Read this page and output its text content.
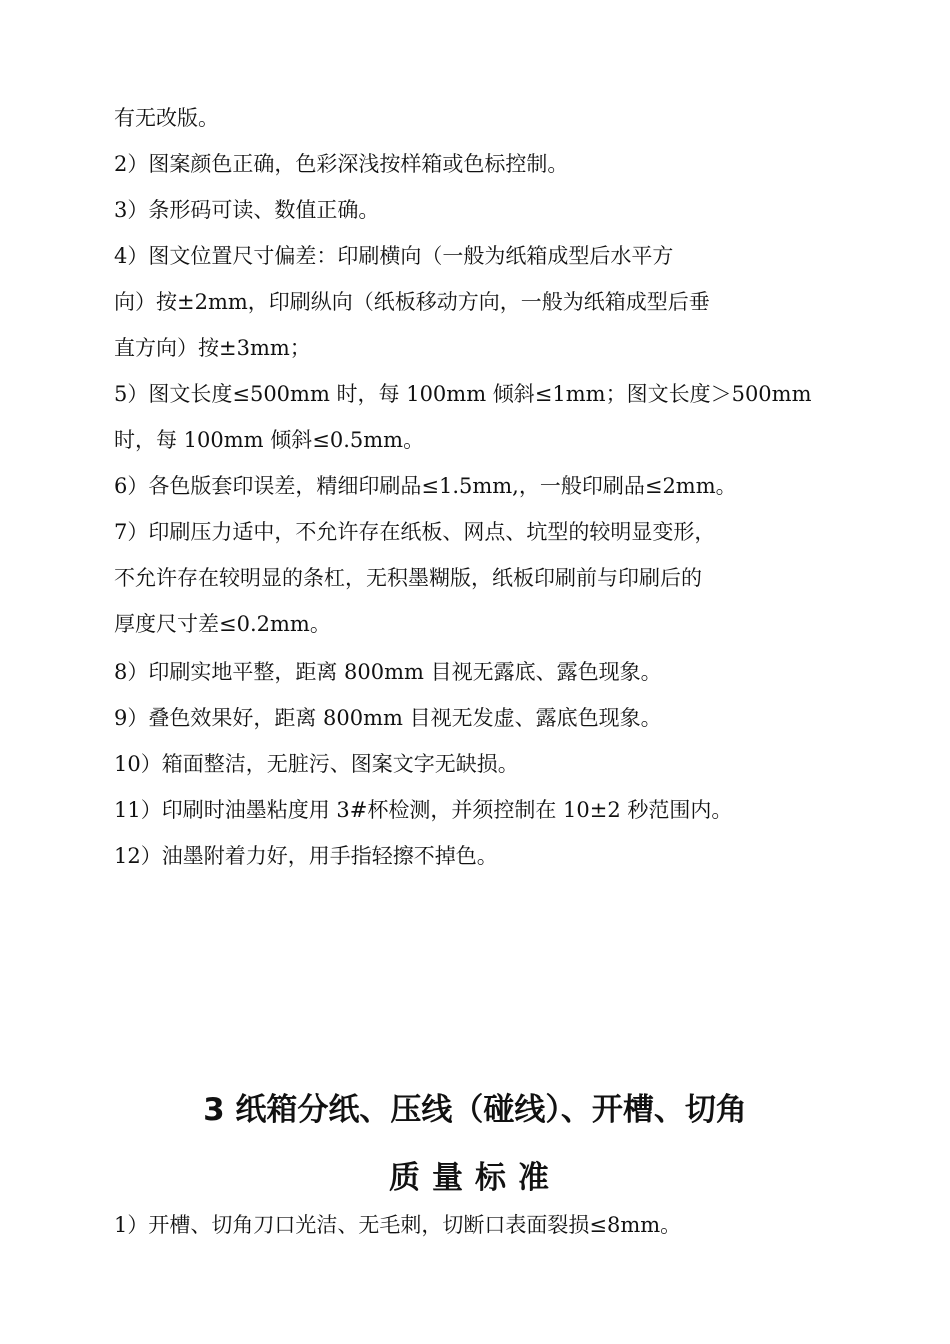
有无改版。
2）图案颜色正确，色彩深浅按样箱或色标控制。
3）条形码可读、数值正确。
4）图文位置尺寸偏差：印刷横向（一般为纸箱成型后水平方
向）按±2mm，印刷纵向（纸板移动方向，一般为纸箱成型后垂
直方向）按±3mm；
5）图文长度≤500mm 时，每 100mm 倾斜≤1mm；图文长度＞500mm
时，每 100mm 倾斜≤0.5mm。
6）各色版套印误差，精细印刷品≤1.5mm,，一般印刷品≤2mm。
7）印刷压力适中，不允许存在纸板、网点、坑型的较明显变形，
不允许存在较明显的条杠，无积墨糊版，纸板印刷前与印刷后的
厚度尺寸差≤0.2mm。
8）印刷实地平整，距离 800mm 目视无露底、露色现象。
9）叠色效果好，距离 800mm 目视无发虚、露底色现象。
10）箱面整洁，无脏污、图案文字无缺损。
11）印刷时油墨粘度用 3#杯检测，并须控制在 10±2 秒范围内。
12）油墨附着力好，用手指轻擦不掉色。
3 纸箱分纸、压线（碰线）、开槽、切角
质量标准
1）开槽、切角刀口光洁、无毛刺，切断口表面裂损≤8mm。
